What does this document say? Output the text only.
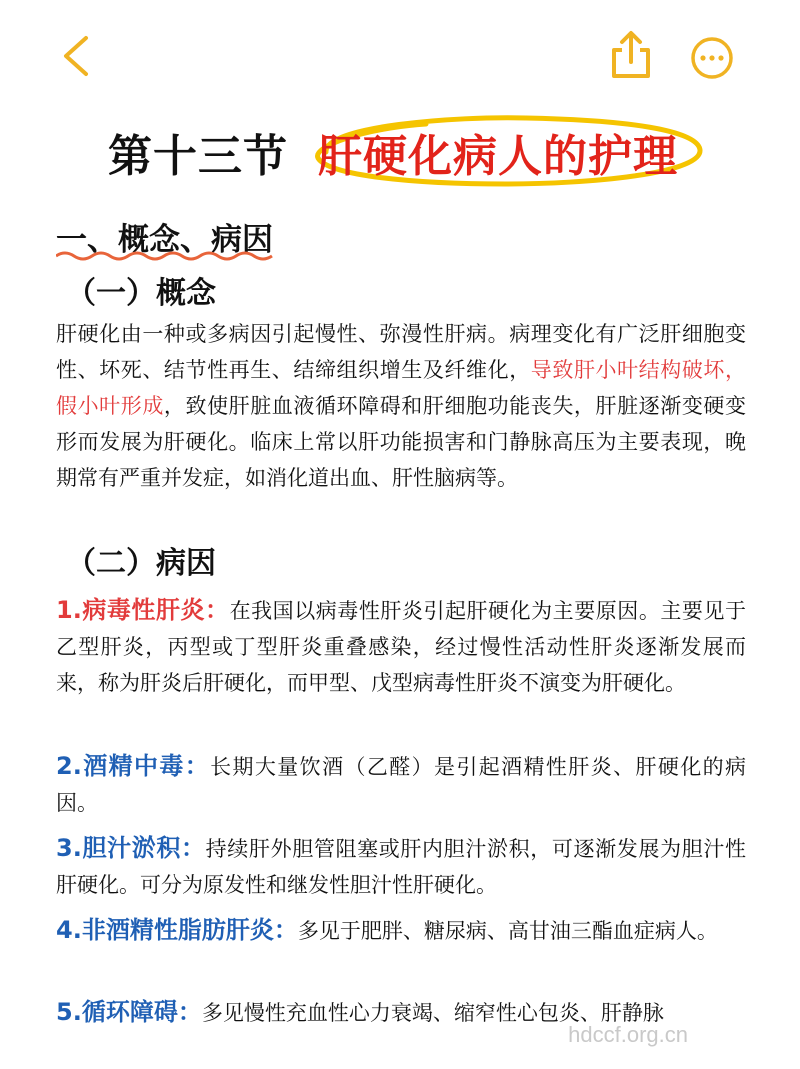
第十三节 肝硬化病人的护理
一、概念、病因
（一）概念
肝硬化由一种或多病因引起慢性、弥漫性肝病。病理变化有广泛肝细胞变性、坏死、结节性再生、结缔组织增生及纤维化，导致肝小叶结构破坏，假小叶形成，致使肝脏血液循环障碍和肝细胞功能丧失，肝脏逐渐变硬变形而发展为肝硬化。临床上常以肝功能损害和门静脉高压为主要表现，晚期常有严重并发症，如消化道出血、肝性脑病等。
（二）病因
1.病毒性肝炎：在我国以病毒性肝炎引起肝硬化为主要原因。主要见于乙型肝炎，丙型或丁型肝炎重叠感染，经过慢性活动性肝炎逐渐发展而来，称为肝炎后肝硬化，而甲型、戊型病毒性肝炎不演变为肝硬化。
2.酒精中毒：长期大量饮酒（乙醛）是引起酒精性肝炎、肝硬化的病因。
3.胆汁淤积：持续肝外胆管阻塞或肝内胆汁淤积，可逐渐发展为胆汁性肝硬化。可分为原发性和继发性胆汁性肝硬化。
4.非酒精性脂肪肝炎：多见于肥胖、糖尿病、高甘油三酯血症病人。
5.循环障碍：多见慢性充血性心力衰竭、缩窄性心包炎、肝静脉
hdccf.org.cn
